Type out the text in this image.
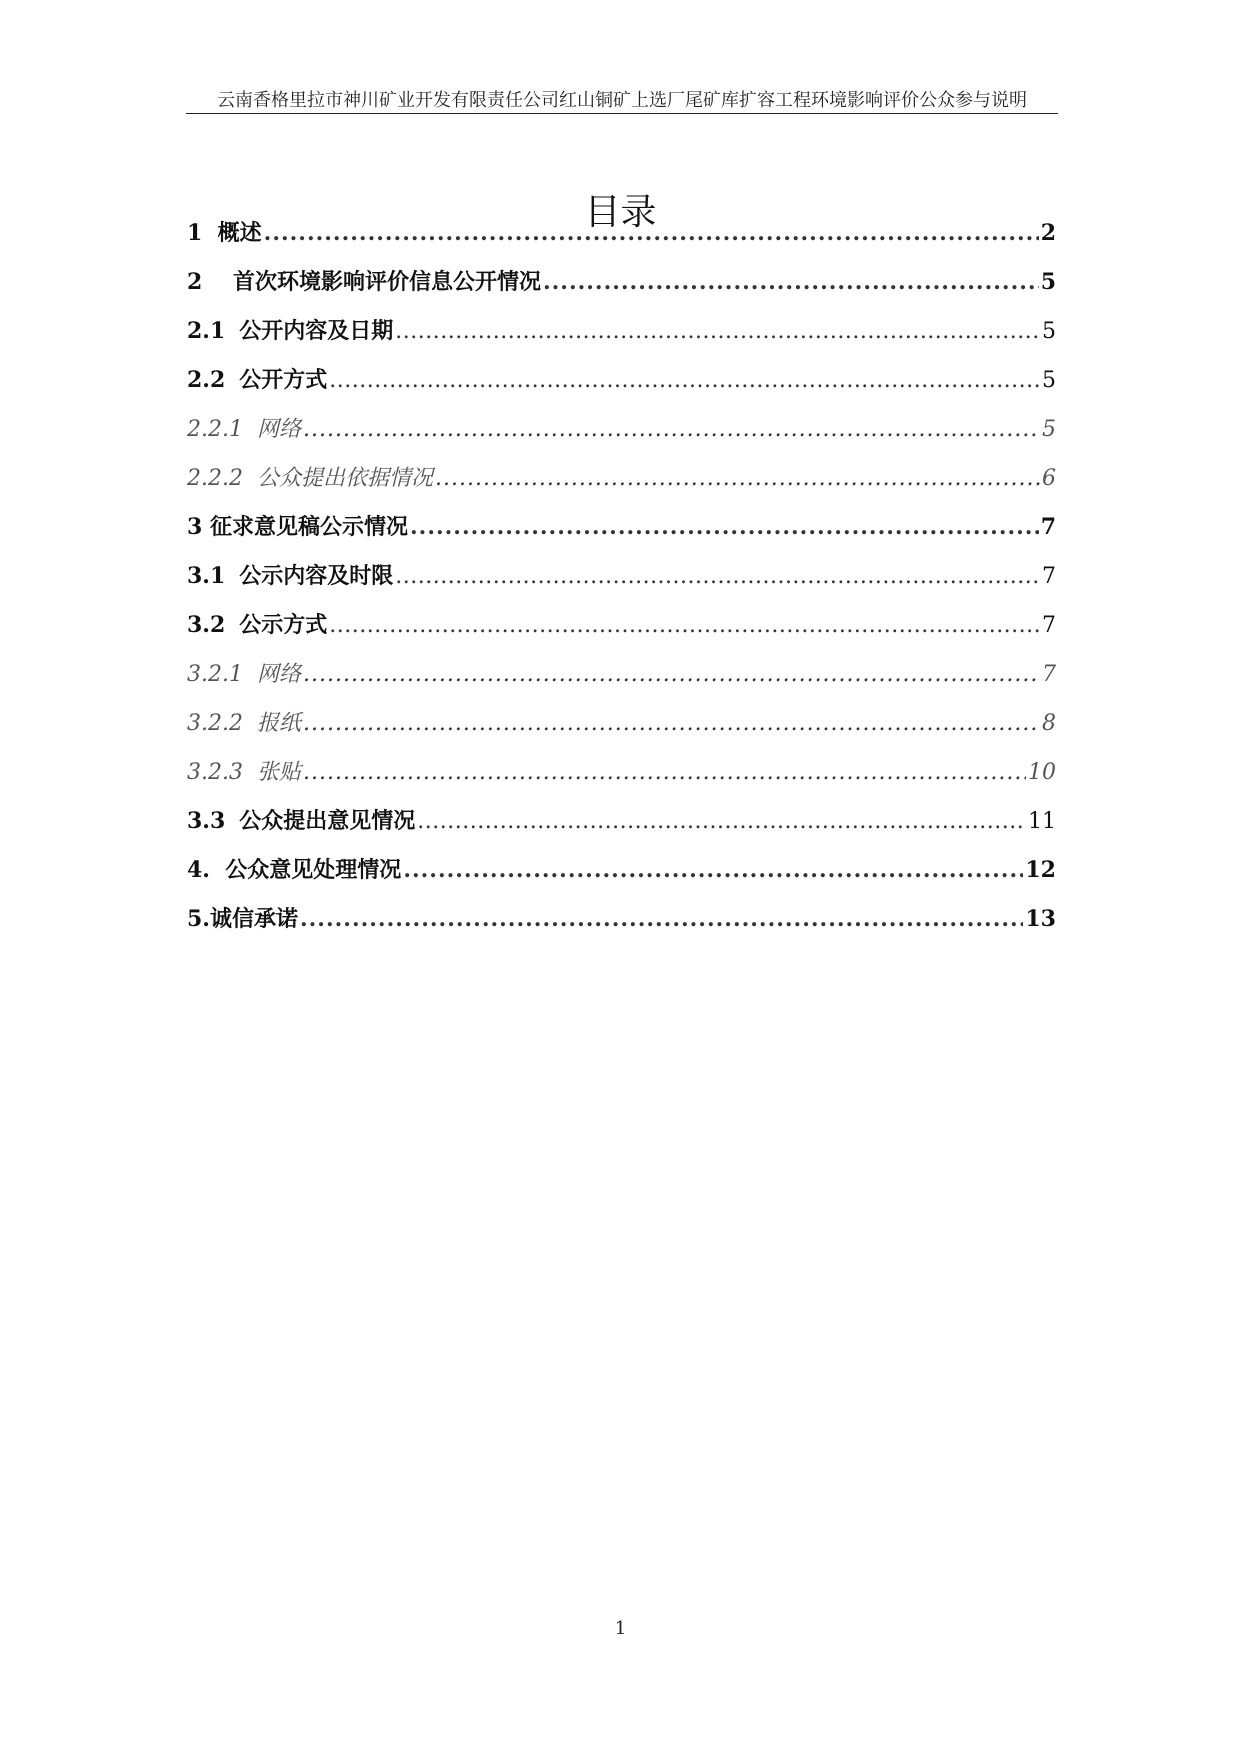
云南香格里拉市神川矿业开发有限责任公司红山铜矿上选厂尾矿库扩容工程环境影响评价公众参与说明
目录
1 概述 .....	2
2 首次环境影响评价信息公开情况 .....	5
2.1 公开内容及日期 .....	5
2.2 公开方式 .....	5
2.2.1 网络 .....	5
2.2.2 公众提出依据情况 .....	6
3 征求意见稿公示情况 .....	7
3.1 公示内容及时限 .....	7
3.2 公示方式 .....	7
3.2.1 网络 .....	7
3.2.2 报纸 .....	8
3.2.3 张贴 .....	10
3.3 公众提出意见情况 .....	11
4. 公众意见处理情况 .....	12
5.诚信承诺 .....	13
1
